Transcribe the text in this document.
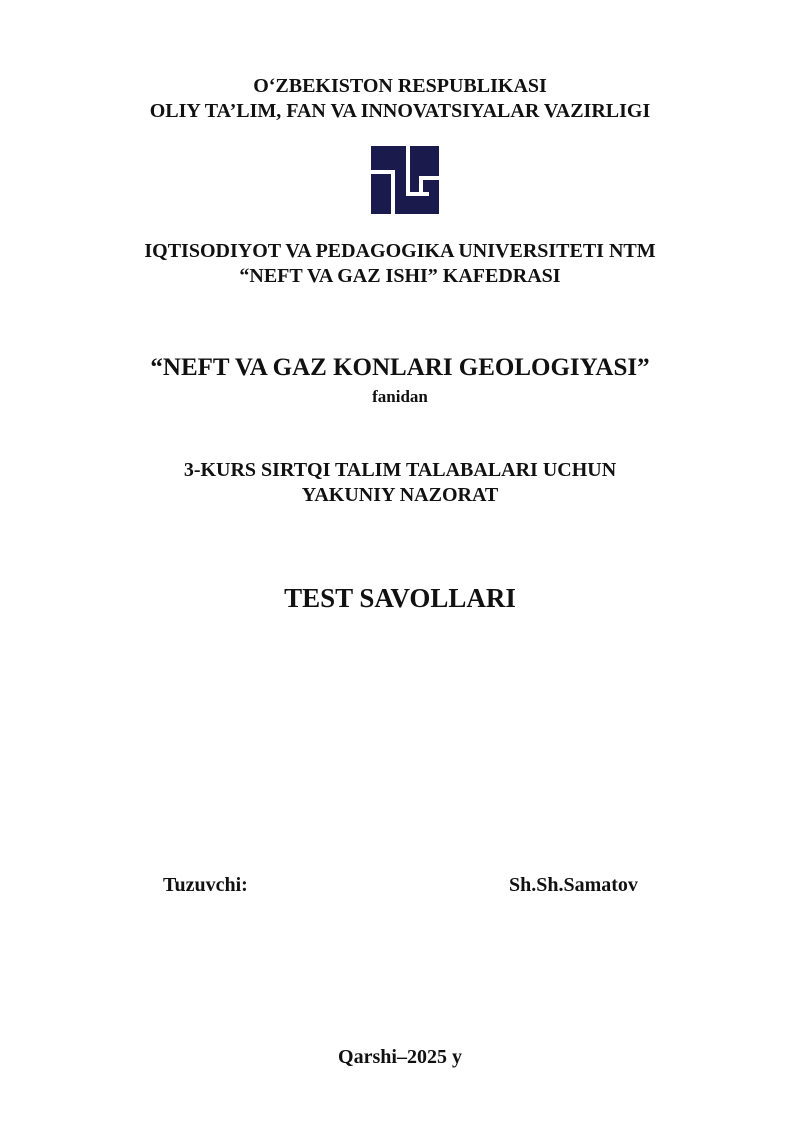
O‘ZBEKISTON RESPUBLIKASI
OLIY TA’LIM, FAN VA INNOVATSIYALAR VAZIRLIGI
IQTISODIYOT VA PEDAGOGIKA UNIVERSITETI NTM
“NEFT VA GAZ ISHI” KAFEDRASI
“NEFT VA GAZ KONLARI GEOLOGIYASI”
fanidan
3-KURS SIRTQI TALIM TALABALARI UCHUN
YAKUNIY NAZORAT
TEST SAVOLLARI
Tuzuvchi:	Sh.Sh.Samatov
Qarshi–2025 y
